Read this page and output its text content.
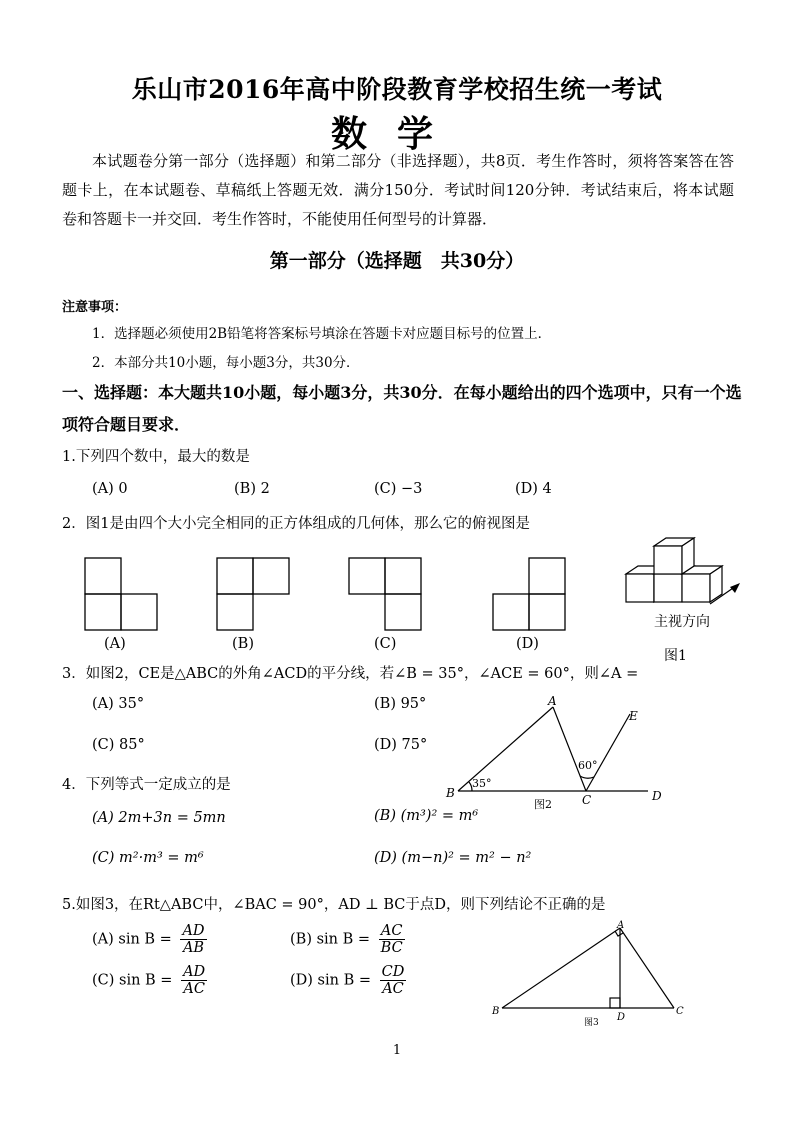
乐山市2016年高中阶段教育学校招生统一考试
数学
本试题卷分第一部分（选择题）和第二部分（非选择题），共8页．考生作答时，须将答案答在答题卡上，在本试题卷、草稿纸上答题无效．满分150分．考试时间120分钟．考试结束后，将本试题卷和答题卡一并交回．考生作答时，不能使用任何型号的计算器．
第一部分（选择题　共30分）
注意事项：
1．选择题必须使用2B铅笔将答案标号填涂在答题卡对应题目标号的位置上．
2．本部分共10小题，每小题3分，共30分．
一、选择题：本大题共10小题，每小题3分，共30分．在每小题给出的四个选项中，只有一个选项符合题目要求．
1.下列四个数中，最大的数是
(A) 0	(B) 2	(C) −3	(D) 4
2．图1是由四个大小完全相同的正方体组成的几何体，那么它的俯视图是
(A)	(B)	(C)	(D)
主视方向
图1
3．如图2，CE是△ABC的外角∠ACD的平分线，若∠B = 35°，∠ACE = 60°，则∠A =
(A) 35°	(B) 95°
(C) 85°	(D) 75°
A
E
B	C	D
35°
60°
图2
4．下列等式一定成立的是
(A) 2m+3n = 5mn	(B) (m³)² = m⁶
(C) m²·m³ = m⁶	(D) (m−n)² = m² − n²
5.如图3，在Rt△ABC中，∠BAC = 90°，AD ⊥ BC于点D，则下列结论不正确的是
(A) $\sin B = \frac{AD}{AB}$	(B) $\sin B = \frac{AC}{BC}$
(C) $\sin B = \frac{AD}{AC}$	(D) $\sin B = \frac{CD}{AC}$
A
B
D
C
图3
1
